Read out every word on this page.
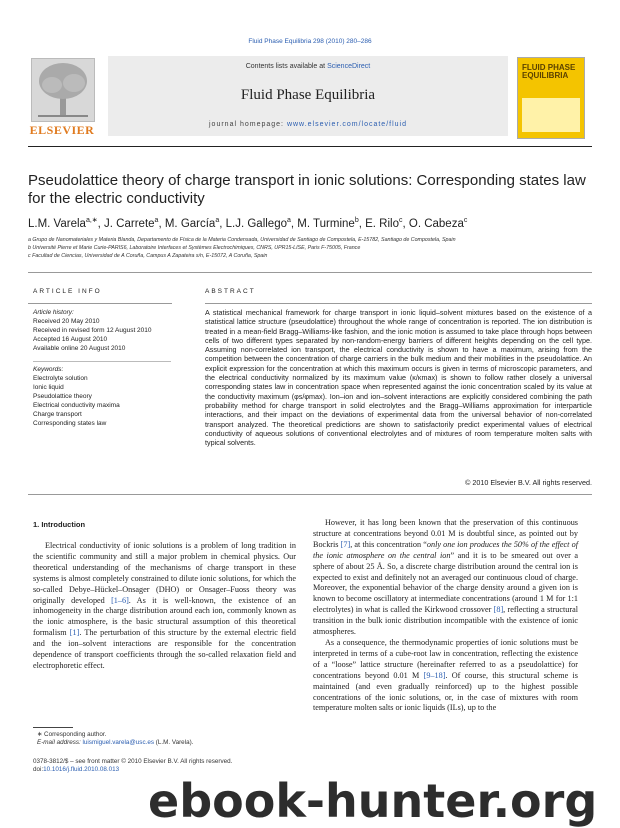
Fluid Phase Equilibria 298 (2010) 280–286
ELSEVIER
Contents lists available at ScienceDirect
Fluid Phase Equilibria
journal homepage: www.elsevier.com/locate/fluid
FLUID PHASE EQUILIBRIA
Pseudolattice theory of charge transport in ionic solutions: Corresponding states law for the electric conductivity
L.M. Varela$^{a,∗}$, J. Carrete$^a$, M. García$^a$, L.J. Gallego$^a$, M. Turmine$^b$, E. Rilo$^c$, O. Cabeza$^c$
a Grupo de Nanomateriales y Materia Blanda, Departamento de Física de la Materia Condensada, Universidad de Santiago de Compostela, E-15782, Santiago de Compostela, Spain
b Université Pierre et Marie Curie-PARIS6, Laboratoire Interfaces et Systèmes Electrochimiques, CNRS, UPR15-LISE, Paris F-75005, France
c Facultad de Ciencias, Universidad de A Coruña, Campus A Zapateira s/n, E-15072, A Coruña, Spain
ARTICLE INFO
Article history:
Received 20 May 2010
Received in revised form 12 August 2010
Accepted 16 August 2010
Available online 20 August 2010
Keywords:
Electrolyte solution
Ionic liquid
Pseudolattice theory
Electrical conductivity maxima
Charge transport
Corresponding states law
ABSTRACT
A statistical mechanical framework for charge transport in ionic liquid–solvent mixtures based on the existence of a statistical lattice structure (pseudolattice) throughout the whole range of concentration is reported. The ion distribution is treated in a mean-field Bragg–Williams-like fashion, and the ionic motion is assumed to take place through hops between cells of two different types separated by non-random-energy barriers of different heights depending on the cell type. Assuming non-correlated ion transport, the electrical conductivity is shown to have a maximum, arising from the competition between the concentration of charge carriers in the bulk medium and their mobilities in the pseudolattice. An explicit expression for the concentration at which this maximum occurs is given in terms of microscopic parameters, and the electrical conductivity normalized by its maximum value (κ/κmax) is shown to follow rather closely a universal corresponding states law in concentration space when represented against the ionic concentration scaled by its value at the conductivity maximum (φs/φmax). Ion–ion and ion–solvent interactions are explicitly considered combining the path probability method for charge transport in solid electrolytes and the Bragg–Williams approximation for interparticle interactions, and their impact on the deviations of experimental data from the universal behavior of non-correlated transport analyzed. The theoretical predictions are shown to satisfactorily predict experimental values of electrical conductivity of aqueous solutions of conventional electrolytes and of mixtures of room temperature molten salts with typical solvents.
© 2010 Elsevier B.V. All rights reserved.
1. Introduction

Electrical conductivity of ionic solutions is a problem of long tradition in the scientific community and still a major problem in chemical physics. Our theoretical understanding of the mechanisms of charge transport in these systems is almost completely constrained to dilute ionic solutions, for which the so-called Debye–Hückel–Onsager (DHO) or Onsager–Fuoss theory was originally developed [1–6]. As it is well-known, the existence of an inhomogeneity in the charge distribution around each ion, commonly known as the ionic atmosphere, is the basic structural assumption of this theoretical formalism [1]. The perturbation of this structure by the external electric field and the ion–solvent interactions are responsible for the concentration dependence of transport coefficients through the so-called relaxation field and electrophoretic effect.

However, it has long been known that the preservation of this continuous structure at concentrations beyond 0.01 M is doubtful since, as pointed out by Bockris [7], at this concentration “only one ion produces the 50% of the effect of the ionic atmosphere on the central ion” and it is to be smeared out over a sphere of about 25 Å. So, a discrete charge distribution around the central ion is expected to exist and definitely not an averaged our continuous cloud of charge. Moreover, the exponential behavior of the charge density around a given ion is known to become oscillatory at intermediate concentrations (around 1 M for 1:1 electrolytes) in what is called the Kirkwood crossover [8], reflecting a structural transition in the bulk ionic distribution incompatible with the existence of ionic atmospheres.

As a consequence, the thermodynamic properties of ionic solutions must be interpreted in terms of a cube-root law in concentration, reflecting the existence of a “loose” lattice structure (hereinafter referred to as a pseudolattice) for concentrations beyond 0.01 M [9–18]. Of course, this structural scheme is maintained (and even gradually reinforced) up to the highest possible concentrations of the ionic solutions, or, in the case of mixtures with room temperature molten salts or ionic liquids (ILs), up to the

∗ Corresponding author.
E-mail address: luismiguel.varela@usc.es (L.M. Varela).
0378-3812/$ – see front matter © 2010 Elsevier B.V. All rights reserved.
doi:10.1016/j.fluid.2010.08.013
ebook-hunter.org
